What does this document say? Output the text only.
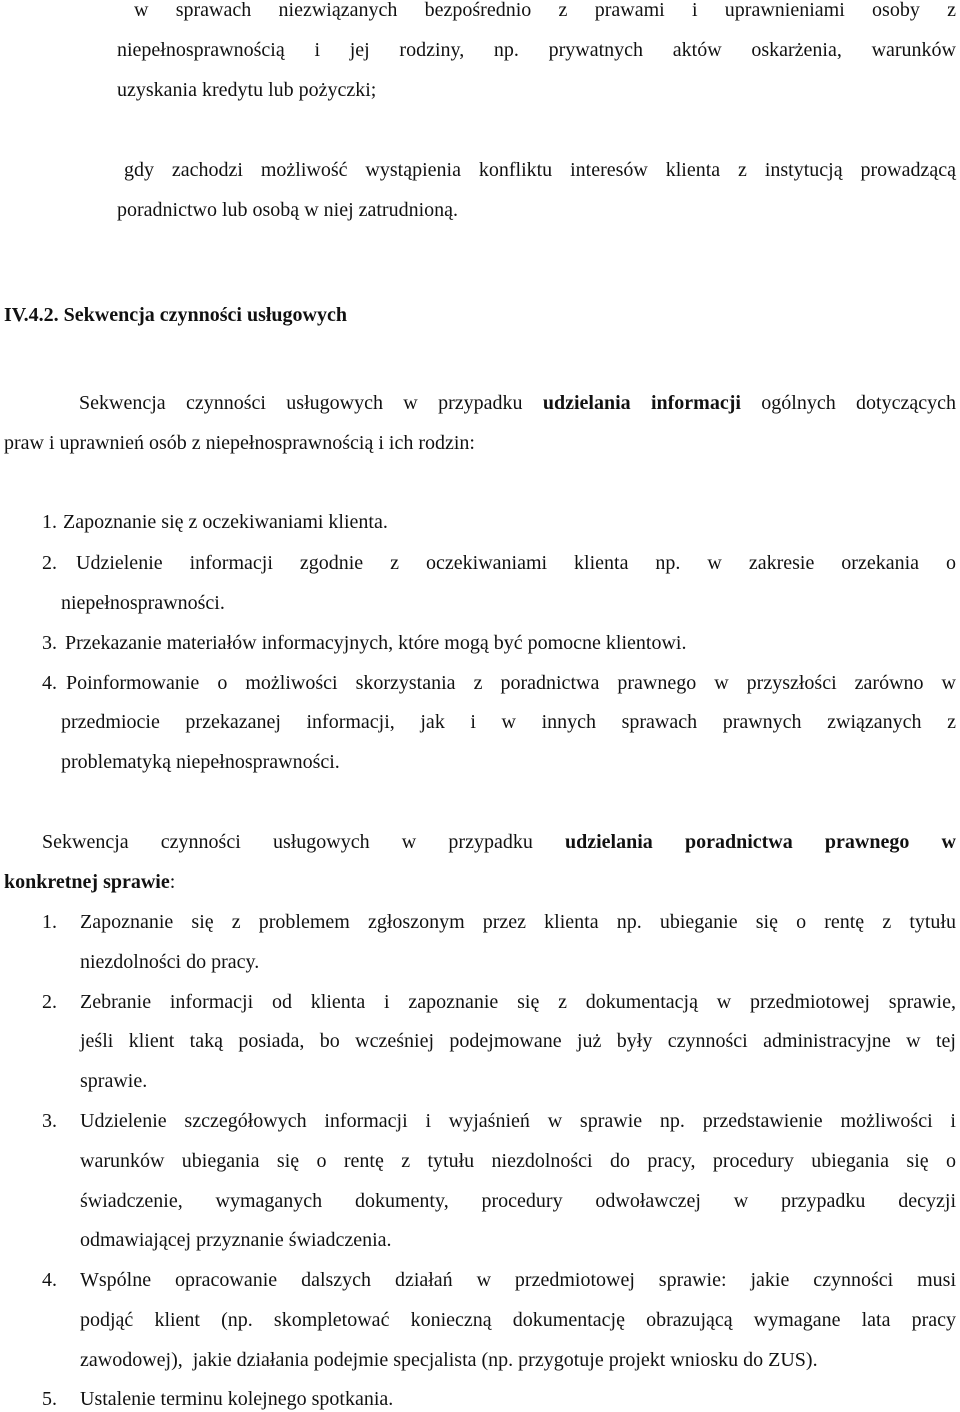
w sprawach niezwiązanych bezpośrednio z prawami i uprawnieniami osoby z
niepełnosprawnością i jej rodziny, np. prywatnych aktów oskarżenia, warunków
uzyskania kredytu lub pożyczki;
gdy zachodzi możliwość wystąpienia konfliktu interesów klienta z instytucją prowadzącą
poradnictwo lub osobą w niej zatrudnioną.
IV.4.2. Sekwencja czynności usługowych
Sekwencja czynności usługowych w przypadku udzielania informacji ogólnych dotyczących
praw i uprawnień osób z niepełnosprawnością i ich rodzin:
1. Zapoznanie się z oczekiwaniami klienta.
2. Udzielenie informacji zgodnie z oczekiwaniami klienta np. w zakresie orzekania o
niepełnosprawności.
3. Przekazanie materiałów informacyjnych, które mogą być pomocne klientowi.
4. Poinformowanie o możliwości skorzystania z poradnictwa prawnego w przyszłości zarówno w
przedmiocie przekazanej informacji, jak i w innych sprawach prawnych związanych z
problematyką niepełnosprawności.
Sekwencja czynności usługowych w przypadku udzielania poradnictwa prawnego w
konkretnej sprawie:
1. Zapoznanie się z problemem zgłoszonym przez klienta np. ubieganie się o rentę z tytułu
niezdolności do pracy.
2. Zebranie informacji od klienta i zapoznanie się z dokumentacją w przedmiotowej sprawie,
jeśli klient taką posiada, bo wcześniej podejmowane już były czynności administracyjne w tej
sprawie.
3. Udzielenie szczegółowych informacji i wyjaśnień w sprawie np. przedstawienie możliwości i
warunków ubiegania się o rentę z tytułu niezdolności do pracy, procedury ubiegania się o
świadczenie, wymaganych dokumenty, procedury odwoławczej w przypadku decyzji
odmawiającej przyznanie świadczenia.
4. Wspólne opracowanie dalszych działań w przedmiotowej sprawie: jakie czynności musi
podjąć klient (np. skompletować konieczną dokumentację obrazującą wymagane lata pracy
zawodowej),  jakie działania podejmie specjalista (np. przygotuje projekt wniosku do ZUS).
5. Ustalenie terminu kolejnego spotkania.
